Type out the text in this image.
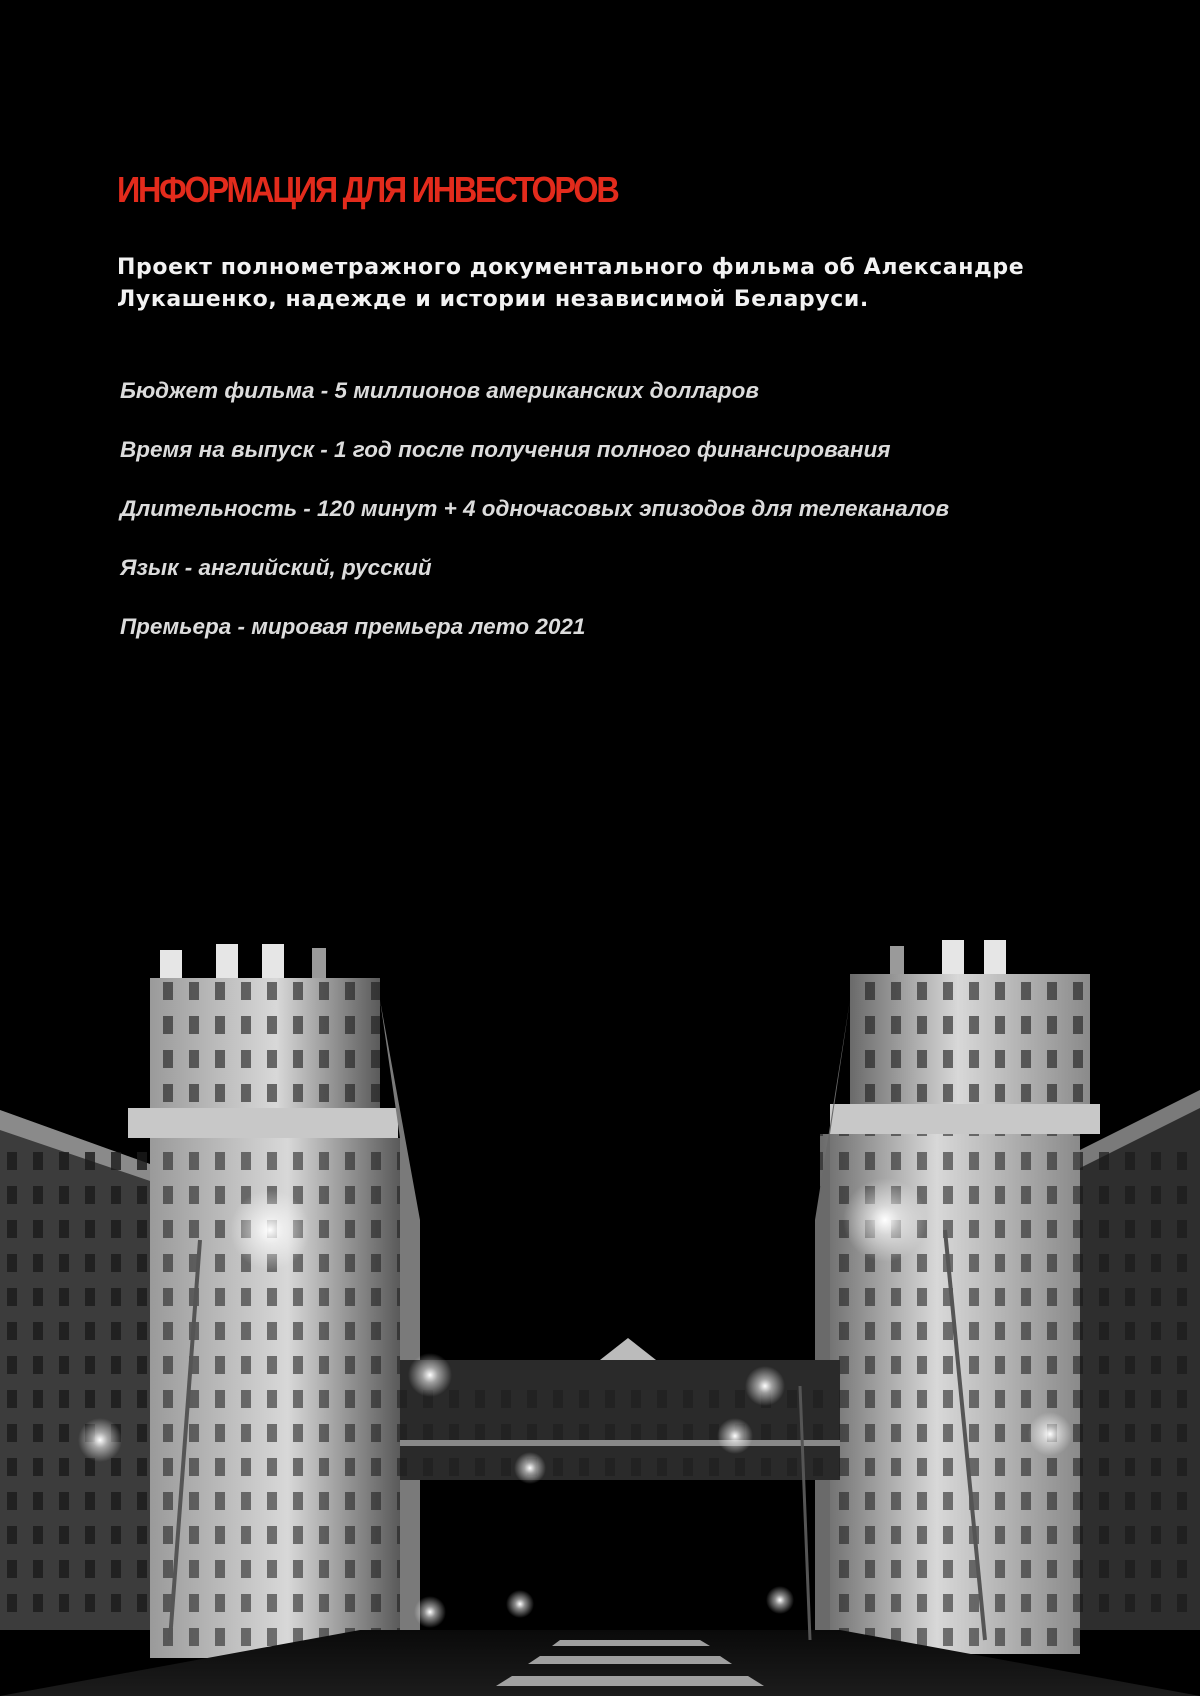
ИНФОРМАЦИЯ ДЛЯ ИНВЕСТОРОВ

Проект полнометражного документального фильма об Александре
Лукашенко, надежде и истории независимой Беларуси.

Бюджет фильма - 5 миллионов американских долларов
Время на выпуск - 1 год после получения полного финансирования
Длительность - 120 минут + 4 одночасовых эпизодов для телеканалов
Язык - английский, русский
Премьера - мировая премьера лето 2021
